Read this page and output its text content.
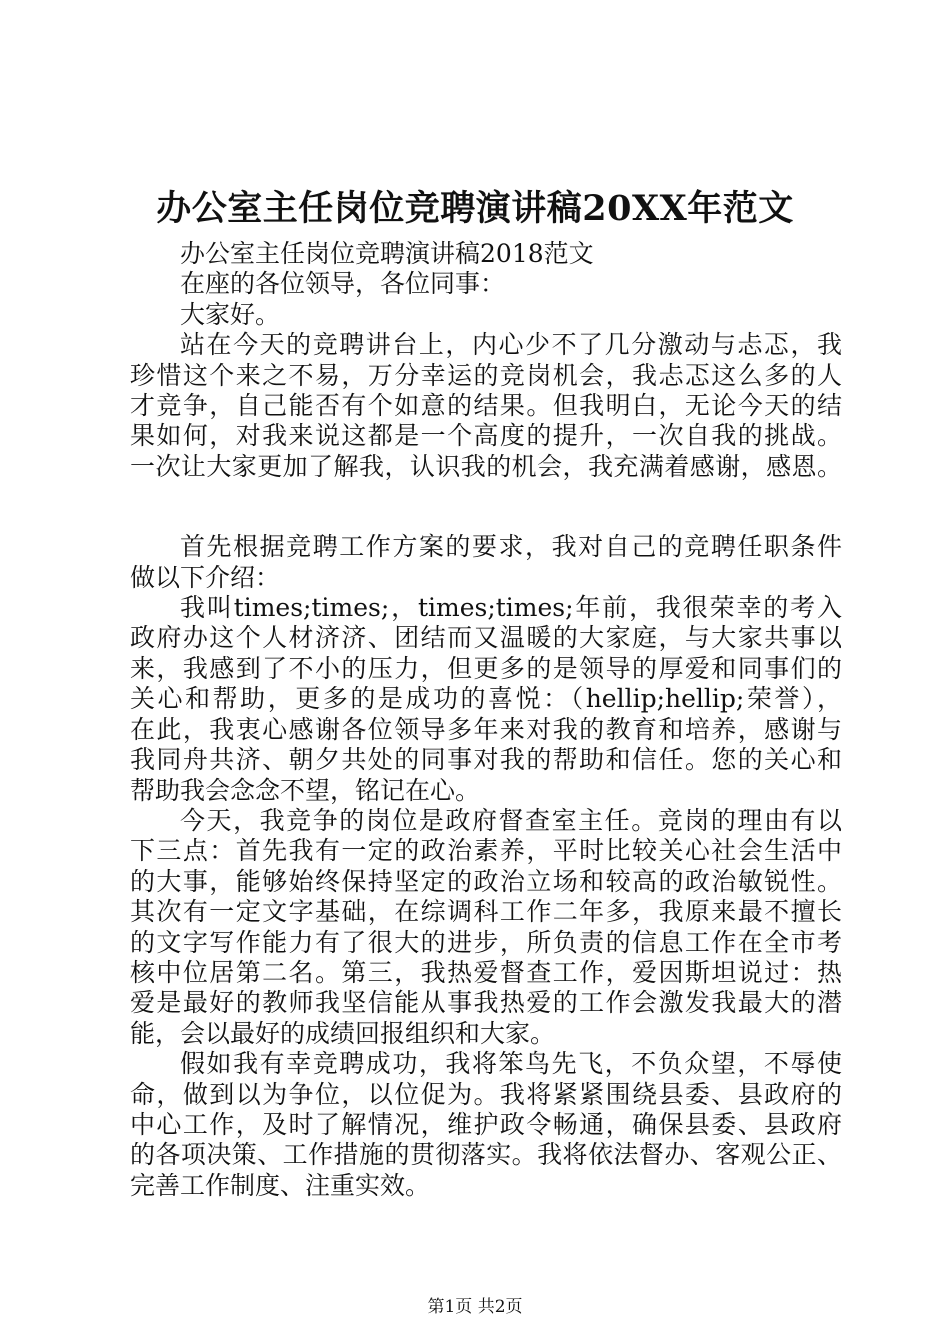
办公室主任岗位竞聘演讲稿20XX年范文
办公室主任岗位竞聘演讲稿2018范文
在座的各位领导，各位同事：
大家好。
站在今天的竞聘讲台上，内心少不了几分激动与忐忑，我
珍惜这个来之不易，万分幸运的竞岗机会，我忐忑这么多的人
才竞争，自己能否有个如意的结果。但我明白，无论今天的结
果如何，对我来说这都是一个高度的提升，一次自我的挑战。
一次让大家更加了解我，认识我的机会，我充满着感谢，感恩。
首先根据竞聘工作方案的要求，我对自己的竞聘任职条件
做以下介绍：
我叫times;times;，times;times;年前，我很荣幸的考入
政府办这个人材济济、团结而又温暖的大家庭，与大家共事以
来，我感到了不小的压力，但更多的是领导的厚爱和同事们的
关心和帮助，更多的是成功的喜悦：（hellip;hellip;荣誉），
在此，我衷心感谢各位领导多年来对我的教育和培养，感谢与
我同舟共济、朝夕共处的同事对我的帮助和信任。您的关心和
帮助我会念念不望，铭记在心。
今天，我竞争的岗位是政府督查室主任。竞岗的理由有以
下三点：首先我有一定的政治素养，平时比较关心社会生活中
的大事，能够始终保持坚定的政治立场和较高的政治敏锐性。
其次有一定文字基础，在综调科工作二年多，我原来最不擅长
的文字写作能力有了很大的进步，所负责的信息工作在全市考
核中位居第二名。第三，我热爱督查工作，爱因斯坦说过：热
爱是最好的教师我坚信能从事我热爱的工作会激发我最大的潜
能，会以最好的成绩回报组织和大家。
假如我有幸竞聘成功，我将笨鸟先飞，不负众望，不辱使
命，做到以为争位，以位促为。我将紧紧围绕县委、县政府的
中心工作，及时了解情况，维护政令畅通，确保县委、县政府
的各项决策、工作措施的贯彻落实。我将依法督办、客观公正、
完善工作制度、注重实效。
第1页 共2页
